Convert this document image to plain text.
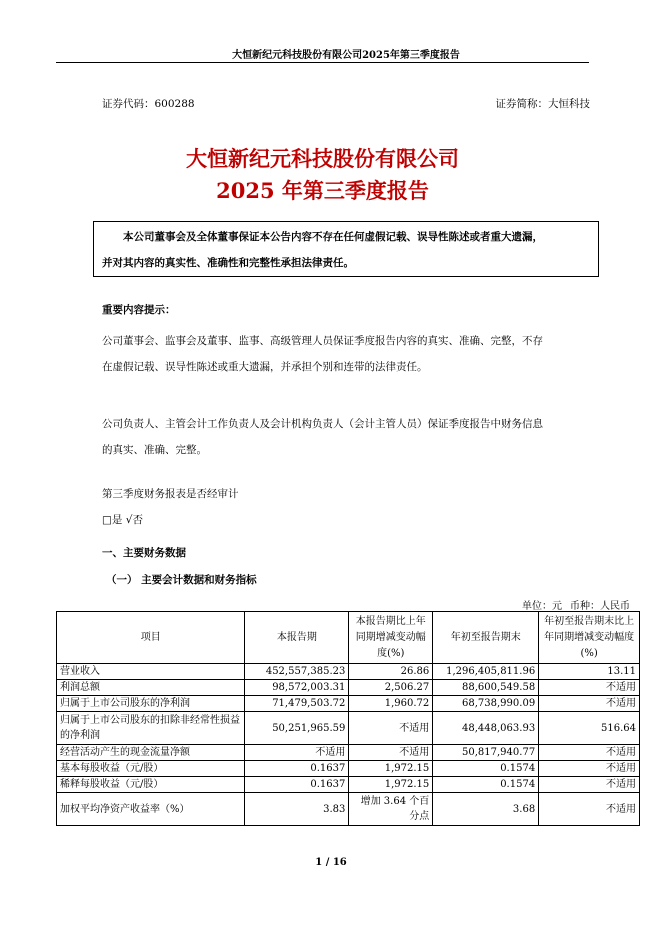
大恒新纪元科技股份有限公司2025年第三季度报告
证券代码：600288	证券简称：大恒科技
大恒新纪元科技股份有限公司
2025 年第三季度报告
本公司董事会及全体董事保证本公告内容不存在任何虚假记载、误导性陈述或者重大遗漏，
并对其内容的真实性、准确性和完整性承担法律责任。
重要内容提示：
公司董事会、监事会及董事、监事、高级管理人员保证季度报告内容的真实、准确、完整，不存
在虚假记载、误导性陈述或重大遗漏，并承担个别和连带的法律责任。
公司负责人、主管会计工作负责人及会计机构负责人（会计主管人员）保证季度报告中财务信息
的真实、准确、完整。
第三季度财务报表是否经审计
□是 √否
一、主要财务数据
（一） 主要会计数据和财务指标
单位：元 币种：人民币
项目	本报告期	本报告期比上年同期增减变动幅度(%)	年初至报告期末	年初至报告期末比上年同期增减变动幅度(%)
营业收入	452,557,385.23	26.86	1,296,405,811.96	13.11
利润总额	98,572,003.31	2,506.27	88,600,549.58	不适用
归属于上市公司股东的净利润	71,479,503.72	1,960.72	68,738,990.09	不适用
归属于上市公司股东的扣除非经常性损益的净利润	50,251,965.59	不适用	48,448,063.93	516.64
经营活动产生的现金流量净额	不适用	不适用	50,817,940.77	不适用
基本每股收益（元/股）	0.1637	1,972.15	0.1574	不适用
稀释每股收益（元/股）	0.1637	1,972.15	0.1574	不适用
加权平均净资产收益率（%）	3.83	增加 3.64 个百分点	3.68	不适用
1 / 16
